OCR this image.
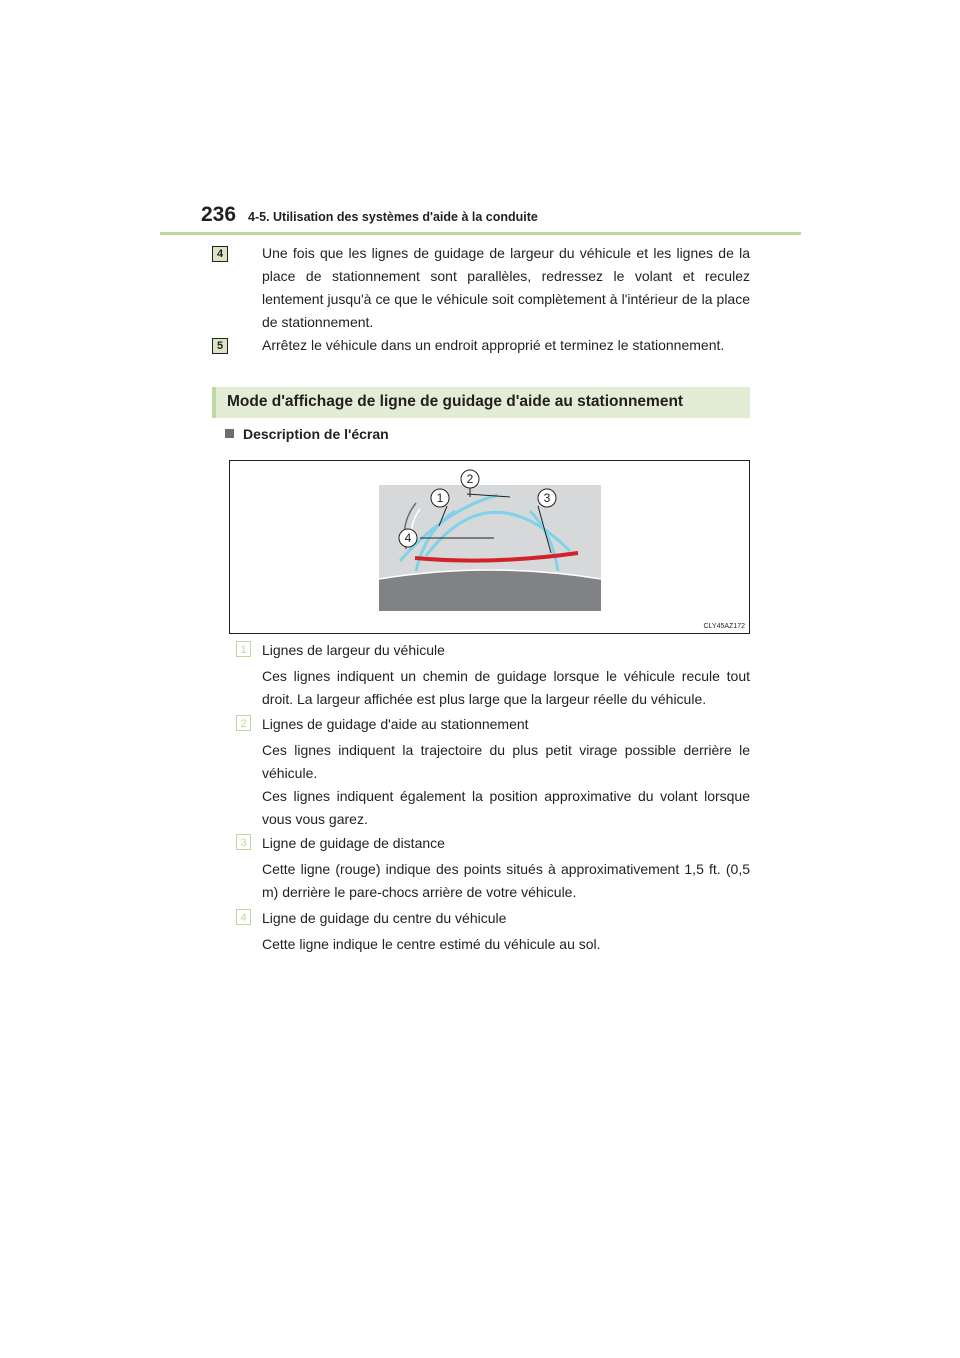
236 4-5. Utilisation des systèmes d'aide à la conduite
4	Une fois que les lignes de guidage de largeur du véhicule et les lignes de la place de stationnement sont parallèles, redressez le volant et reculez lentement jusqu'à ce que le véhicule soit complètement à l'intérieur de la place de stationnement.
5	Arrêtez le véhicule dans un endroit approprié et terminez le stationnement.
Mode d'affichage de ligne de guidage d'aide au stationnement
Description de l'écran
1
2
3
4
CLY45AZ172
1	Lignes de largeur du véhicule
Ces lignes indiquent un chemin de guidage lorsque le véhicule recule tout droit. La largeur affichée est plus large que la largeur réelle du véhicule.
2	Lignes de guidage d'aide au stationnement
Ces lignes indiquent la trajectoire du plus petit virage possible derrière le véhicule.
Ces lignes indiquent également la position approximative du volant lorsque vous vous garez.
3	Ligne de guidage de distance
Cette ligne (rouge) indique des points situés à approximativement 1,5 ft. (0,5 m) derrière le pare-chocs arrière de votre véhicule.
4	Ligne de guidage du centre du véhicule
Cette ligne indique le centre estimé du véhicule au sol.
